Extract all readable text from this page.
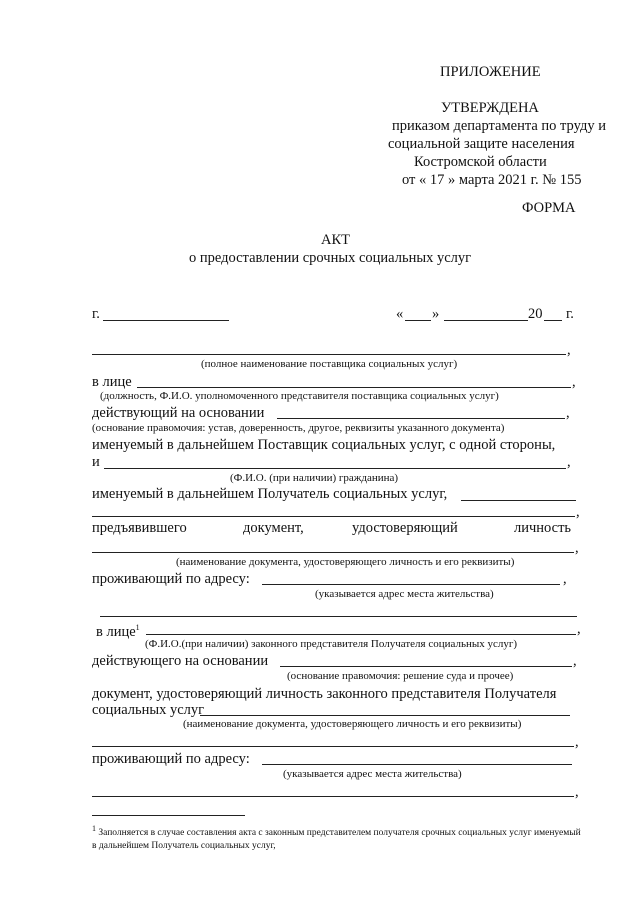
ПРИЛОЖЕНИЕ
УТВЕРЖДЕНА
приказом департамента по труду и
социальной защите населения
Костромской области
от « 17 » марта 2021 г. № 155
ФОРМА
АКТ
о предоставлении срочных социальных услуг
г.	« »	20 г.
,
(полное наименование поставщика социальных услуг)
в лице	,
(должность, Ф.И.О. уполномоченного представителя поставщика социальных услуг)
действующий на основании	,
(основание правомочия: устав, доверенность, другое, реквизиты указанного документа)
именуемый в дальнейшем Поставщик социальных услуг, с одной стороны,
и	,
(Ф.И.О. (при наличии) гражданина)
именуемый в дальнейшем Получатель социальных услуг,
,
предъявившего	документ,	удостоверяющий	личность
,
(наименование документа, удостоверяющего личность и его реквизиты)
проживающий по адресу:	,
(указывается адрес места жительства)
в лице$^1$	,
(Ф.И.О.(при наличии) законного представителя Получателя социальных услуг)
действующего на основании	,
(основание правомочия: решение суда и прочее)
документ, удостоверяющий личность законного представителя Получателя
социальных услуг
(наименование документа, удостоверяющего личность и его реквизиты)
,
проживающий по адресу:
(указывается адрес места жительства)
,
$^1$ Заполняется в случае составления акта с законным представителем получателя срочных социальных услуг именуемый в дальнейшем Получатель социальных услуг,
